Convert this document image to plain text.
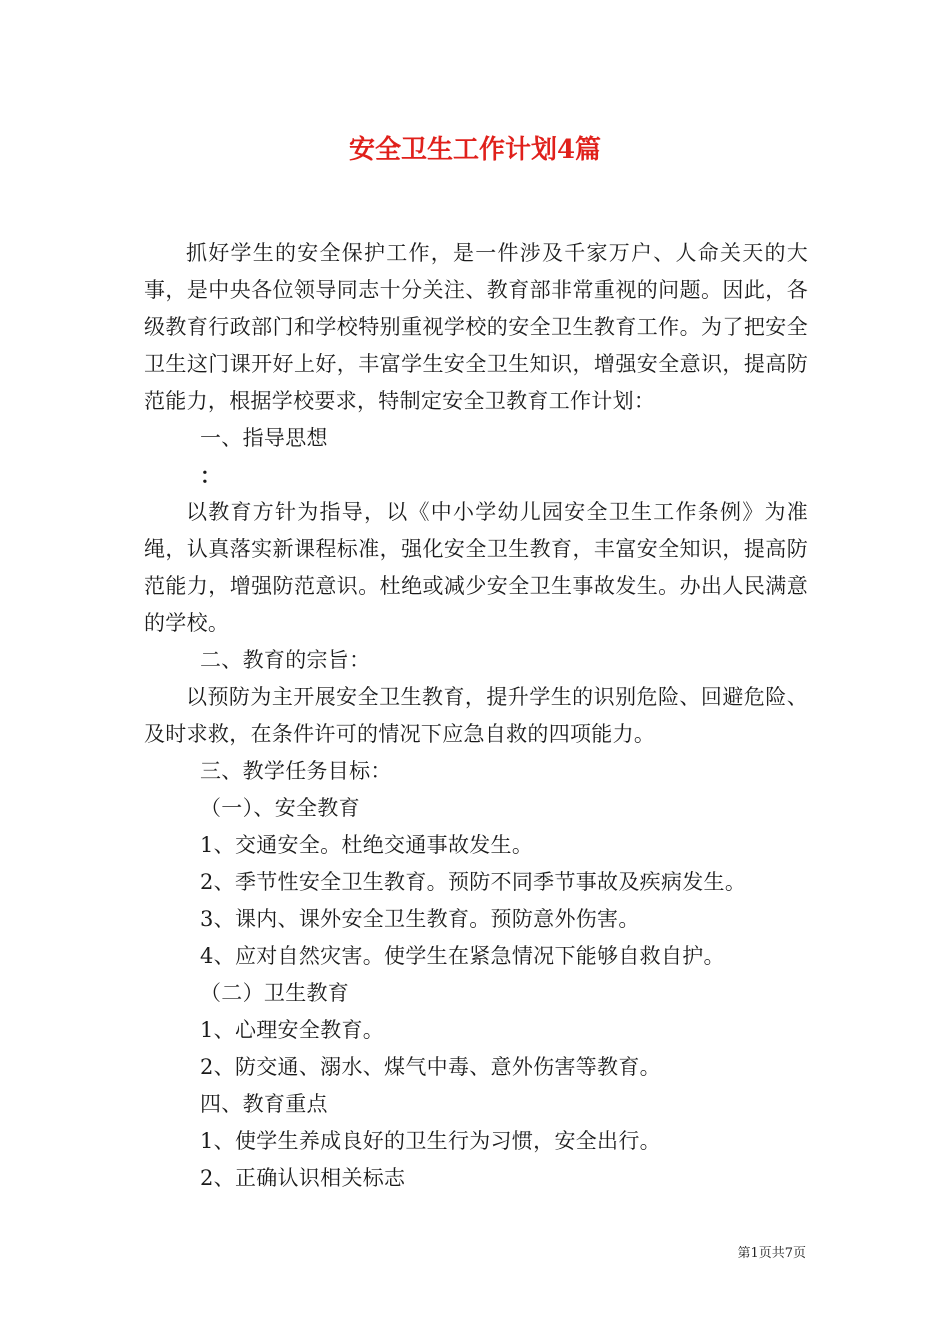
安全卫生工作计划4篇

抓好学生的安全保护工作，是一件涉及千家万户、人命关天的大事，是中央各位领导同志十分关注、教育部非常重视的问题。因此，各级教育行政部门和学校特别重视学校的安全卫生教育工作。为了把安全卫生这门课开好上好，丰富学生安全卫生知识，增强安全意识，提高防范能力，根据学校要求，特制定安全卫教育工作计划：

一、指导思想

：

以教育方针为指导，以《中小学幼儿园安全卫生工作条例》为准绳，认真落实新课程标准，强化安全卫生教育，丰富安全知识，提高防范能力，增强防范意识。杜绝或减少安全卫生事故发生。办出人民满意的学校。

二、教育的宗旨：

以预防为主开展安全卫生教育，提升学生的识别危险、回避危险、及时求救，在条件许可的情况下应急自救的四项能力。

三、教学任务目标：

（一）、安全教育

1、交通安全。杜绝交通事故发生。

2、季节性安全卫生教育。预防不同季节事故及疾病发生。

3、课内、课外安全卫生教育。预防意外伤害。

4、应对自然灾害。使学生在紧急情况下能够自救自护。

（二）卫生教育

1、心理安全教育。

2、防交通、溺水、煤气中毒、意外伤害等教育。

四、教育重点

1、使学生养成良好的卫生行为习惯，安全出行。

2、正确认识相关标志

第1页共7页
